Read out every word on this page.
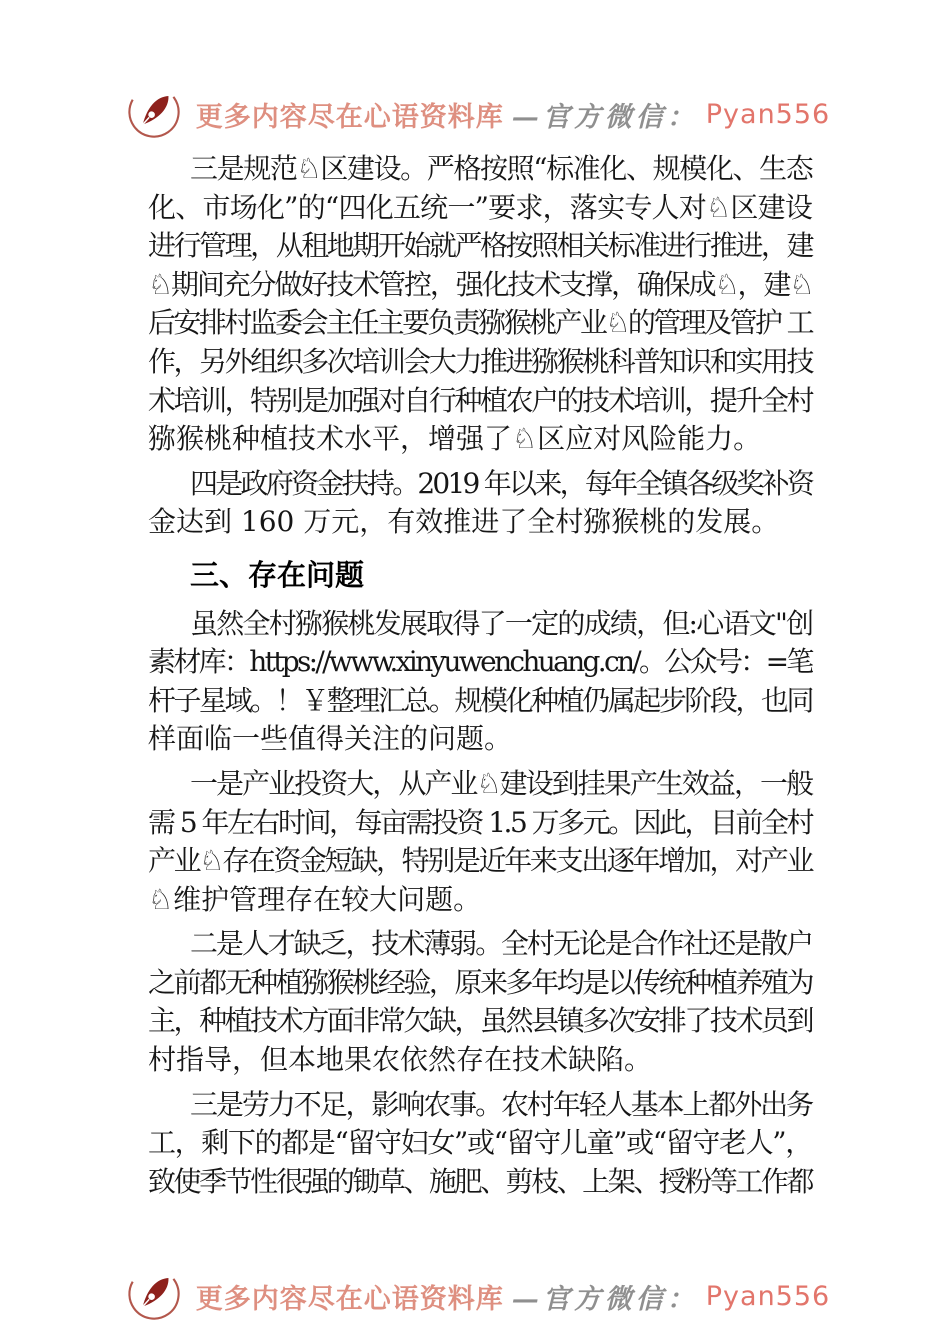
更多内容尽在心语资料库 —官方微信： Pyan556
三是规范♘区建设。严格按照“标准化、规模化、生态
化、市场化”的“四化五统一”要求，落实专人对♘区建设
进行管理，从租地期开始就严格按照相关标准进行推进，建
♘期间充分做好技术管控，强化技术支撑，确保成♘，建♘
后安排村监委会主任主要负责猕猴桃产业♘的管理及管护 工
作，另外组织多次培训会大力推进猕猴桃科普知识和实用技
术培训，特别是加强对自行种植农户的技术培训，提升全村
猕猴桃种植技术水平，增强了♘区应对风险能力。
四是政府资金扶持。2019 年以来，每年全镇各级奖补资
金达到 160 万元，有效推进了全村猕猴桃的发展。
三、存在问题
虽然全村猕猴桃发展取得了一定的成绩，但:心语文"创
素材库：https://www.xinyuwenchuang.cn/。公众号：=笔
杆子星域。！￥整理汇总。规模化种植仍属起步阶段，也同
样面临一些值得关注的问题。
一是产业投资大，从产业♘建设到挂果产生效益，一般
需 5 年左右时间，每亩需投资 1.5 万多元。因此，目前全村
产业♘存在资金短缺，特别是近年来支出逐年增加，对产业
♘维护管理存在较大问题。
二是人才缺乏，技术薄弱。全村无论是合作社还是散户
之前都无种植猕猴桃经验，原来多年均是以传统种植养殖为
主，种植技术方面非常欠缺，虽然县镇多次安排了技术员到
村指导，但本地果农依然存在技术缺陷。
三是劳力不足，影响农事。农村年轻人基本上都外出务
工，剩下的都是“留守妇女”或“留守儿童”或“留守老人”，
致使季节性很强的锄草、施肥、剪枝、上架、授粉等工作都
更多内容尽在心语资料库 —官方微信： Pyan556
